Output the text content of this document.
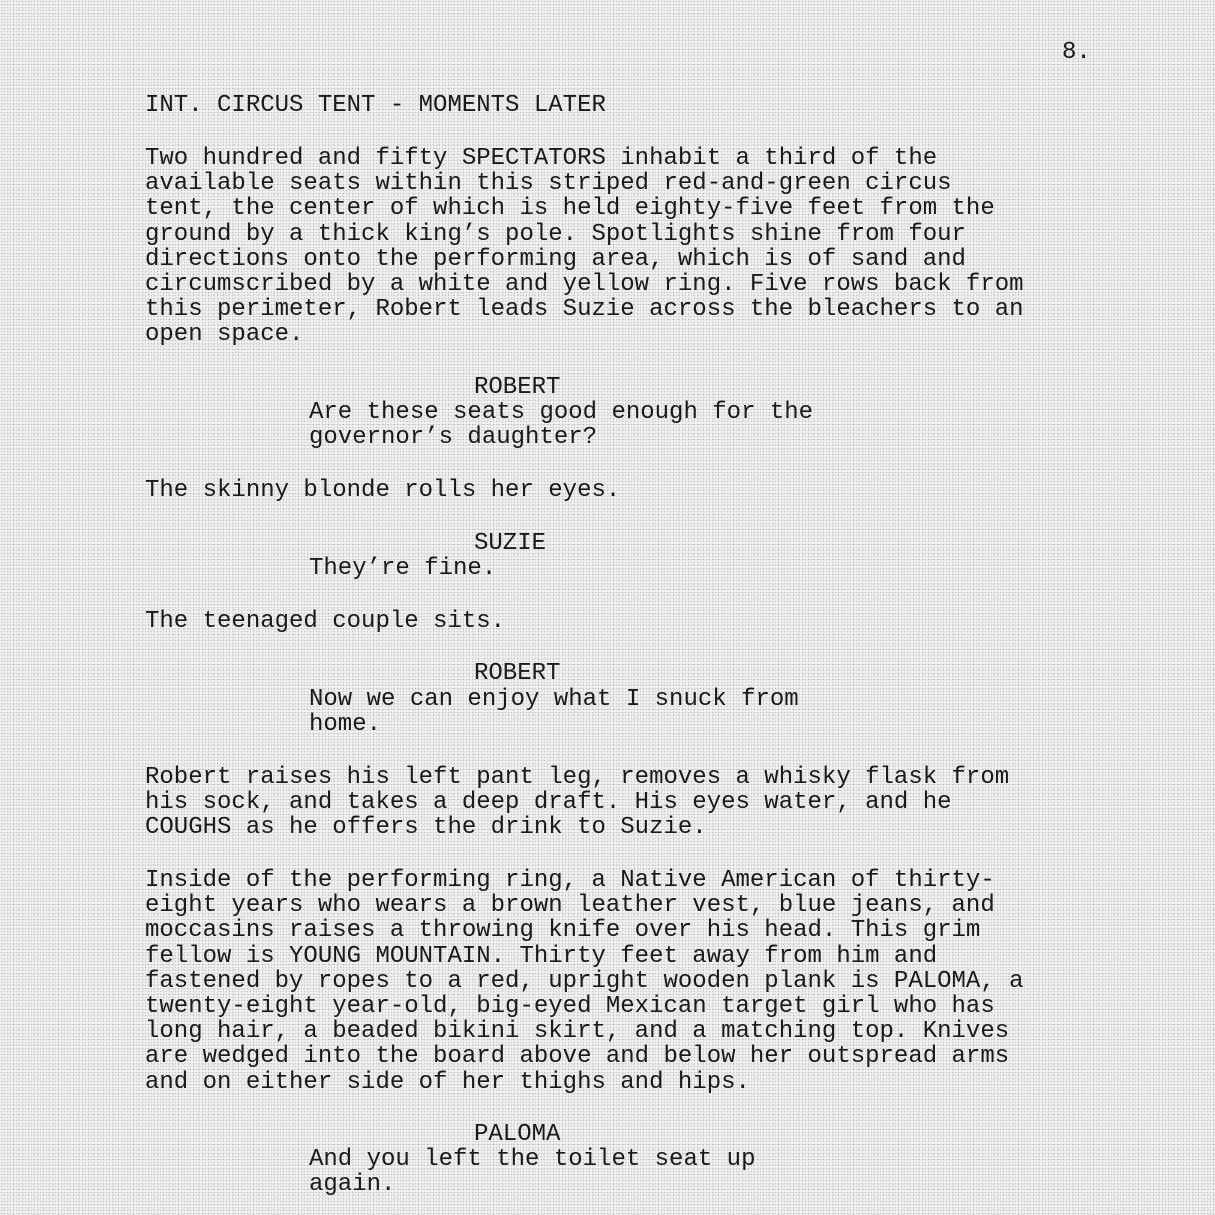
8.

INT. CIRCUS TENT - MOMENTS LATER

Two hundred and fifty SPECTATORS inhabit a third of the
available seats within this striped red-and-green circus
tent, the center of which is held eighty-five feet from the
ground by a thick king’s pole. Spotlights shine from four
directions onto the performing area, which is of sand and
circumscribed by a white and yellow ring. Five rows back from
this perimeter, Robert leads Suzie across the bleachers to an
open space.

ROBERT

Are these seats good enough for the
governor’s daughter?

The skinny blonde rolls her eyes.

SUZIE

They’re fine.

The teenaged couple sits.

ROBERT

Now we can enjoy what I snuck from
home.

Robert raises his left pant leg, removes a whisky flask from
his sock, and takes a deep draft. His eyes water, and he
COUGHS as he offers the drink to Suzie.

Inside of the performing ring, a Native American of thirty-
eight years who wears a brown leather vest, blue jeans, and
moccasins raises a throwing knife over his head. This grim
fellow is YOUNG MOUNTAIN. Thirty feet away from him and
fastened by ropes to a red, upright wooden plank is PALOMA, a
twenty-eight year-old, big-eyed Mexican target girl who has
long hair, a beaded bikini skirt, and a matching top. Knives
are wedged into the board above and below her outspread arms
and on either side of her thighs and hips.

PALOMA

And you left the toilet seat up
again.
